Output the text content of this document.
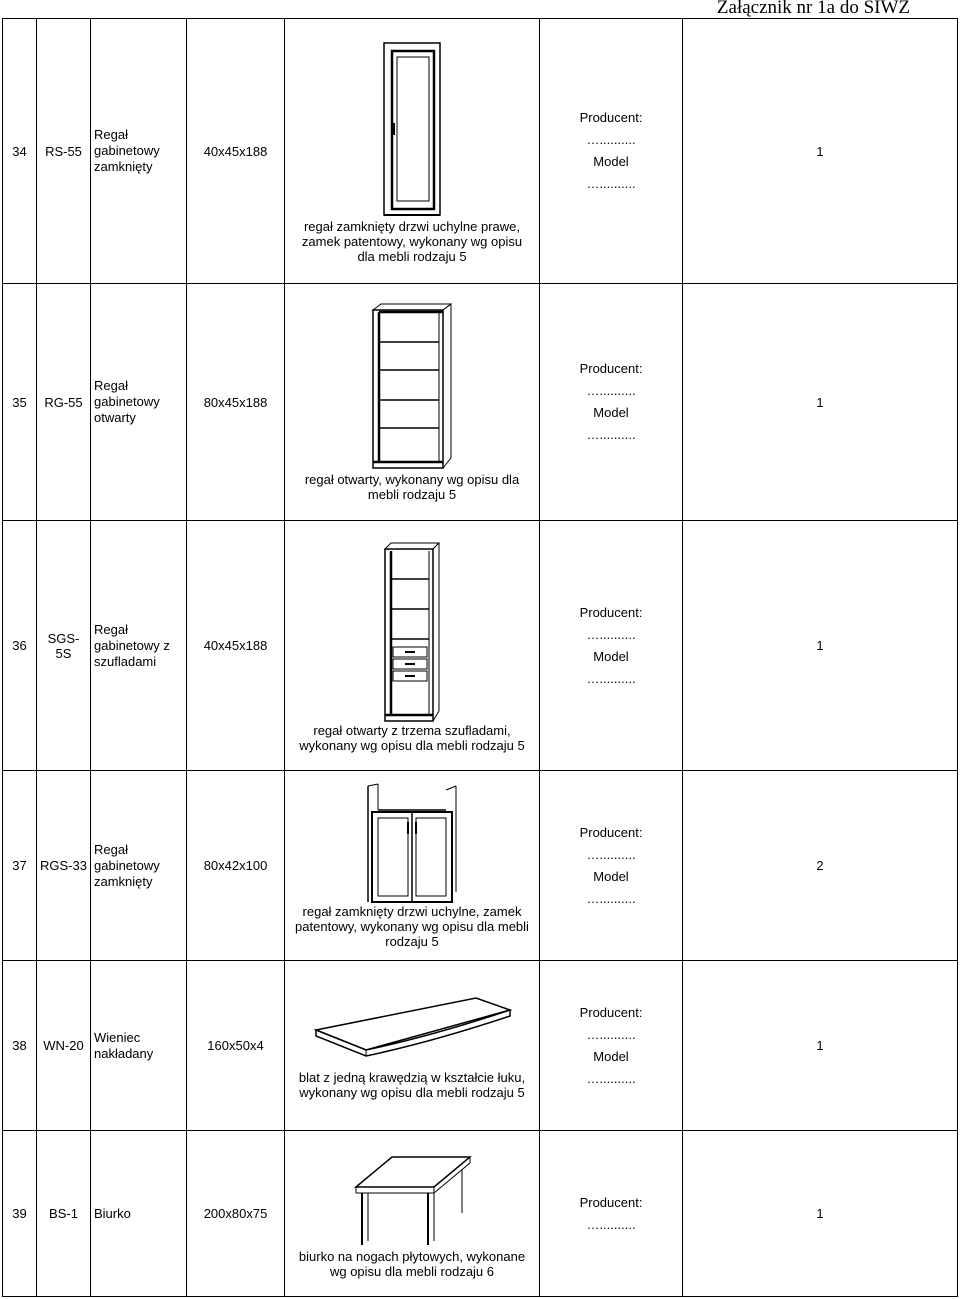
Załącznik nr 1a do SIWZ
34	RS-55	Regał gabinetowy zamknięty	40x45x188	regał zamknięty drzwi uchylne prawe, zamek patentowy, wykonany wg opisu dla mebli rodzaju 5	Producent:
…..........
Model
…..........	1
35	RG-55	Regał gabinetowy otwarty	80x45x188	regał otwarty, wykonany wg opisu dla mebli rodzaju 5	Producent:
…..........
Model
…..........	1
36	SGS-5S	Regał gabinetowy z szufladami	40x45x188	regał otwarty z trzema szufladami, wykonany wg opisu dla mebli rodzaju 5	Producent:
…..........
Model
…..........	1
37	RGS-33	Regał gabinetowy zamknięty	80x42x100	regał zamknięty drzwi uchylne, zamek patentowy, wykonany wg opisu dla mebli rodzaju 5	Producent:
…..........
Model
…..........	2
38	WN-20	Wieniec nakładany	160x50x4	blat z jedną krawędzią w kształcie łuku, wykonany wg opisu dla mebli rodzaju 5	Producent:
…..........
Model
…..........	1
39	BS-1	Biurko	200x80x75	biurko na nogach płytowych, wykonane wg opisu dla mebli rodzaju 6	Producent:
…..........	1
